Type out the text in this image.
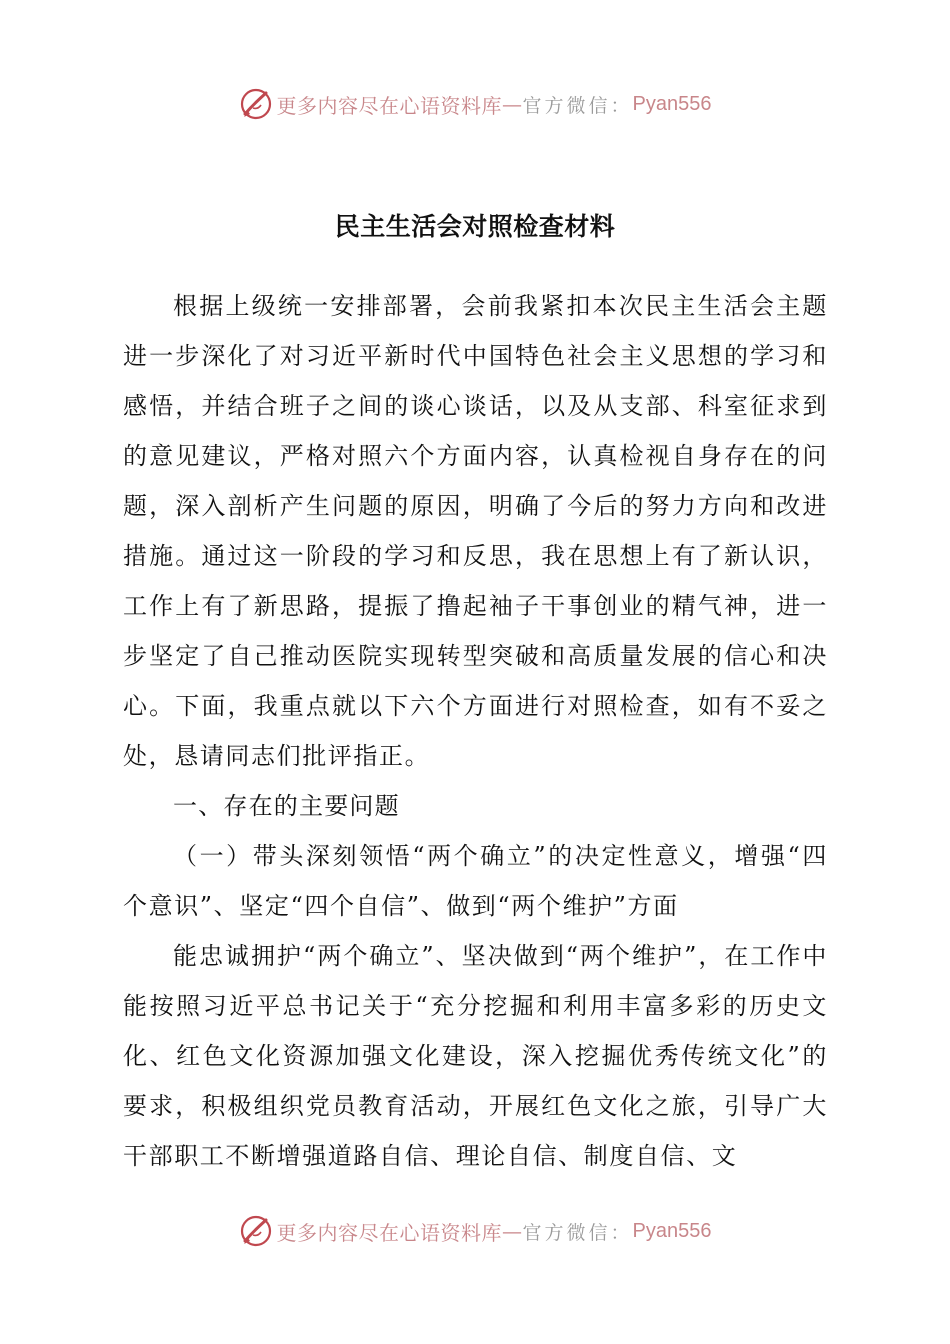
更多内容尽在心语资料库 — 官方微信： Pyan556
民主生活会对照检查材料

根据上级统一安排部署，会前我紧扣本次民主生活会主题进一步深化了对习近平新时代中国特色社会主义思想的学习和感悟，并结合班子之间的谈心谈话，以及从支部、科室征求到的意见建议，严格对照六个方面内容，认真检视自身存在的问题，深入剖析产生问题的原因，明确了今后的努力方向和改进措施。通过这一阶段的学习和反思，我在思想上有了新认识，工作上有了新思路，提振了撸起袖子干事创业的精气神，进一步坚定了自己推动医院实现转型突破和高质量发展的信心和决心。下面，我重点就以下六个方面进行对照检查，如有不妥之处，恳请同志们批评指正。

一、存在的主要问题

（一）带头深刻领悟“两个确立”的决定性意义，增强“四个意识”、坚定“四个自信”、做到“两个维护”方面

能忠诚拥护“两个确立”、坚决做到“两个维护”，在工作中能按照习近平总书记关于“充分挖掘和利用丰富多彩的历史文化、红色文化资源加强文化建设，深入挖掘优秀传统文化”的要求，积极组织党员教育活动，开展红色文化之旅，引导广大干部职工不断增强道路自信、理论自信、制度自信、文

更多内容尽在心语资料库 — 官方微信： Pyan556
